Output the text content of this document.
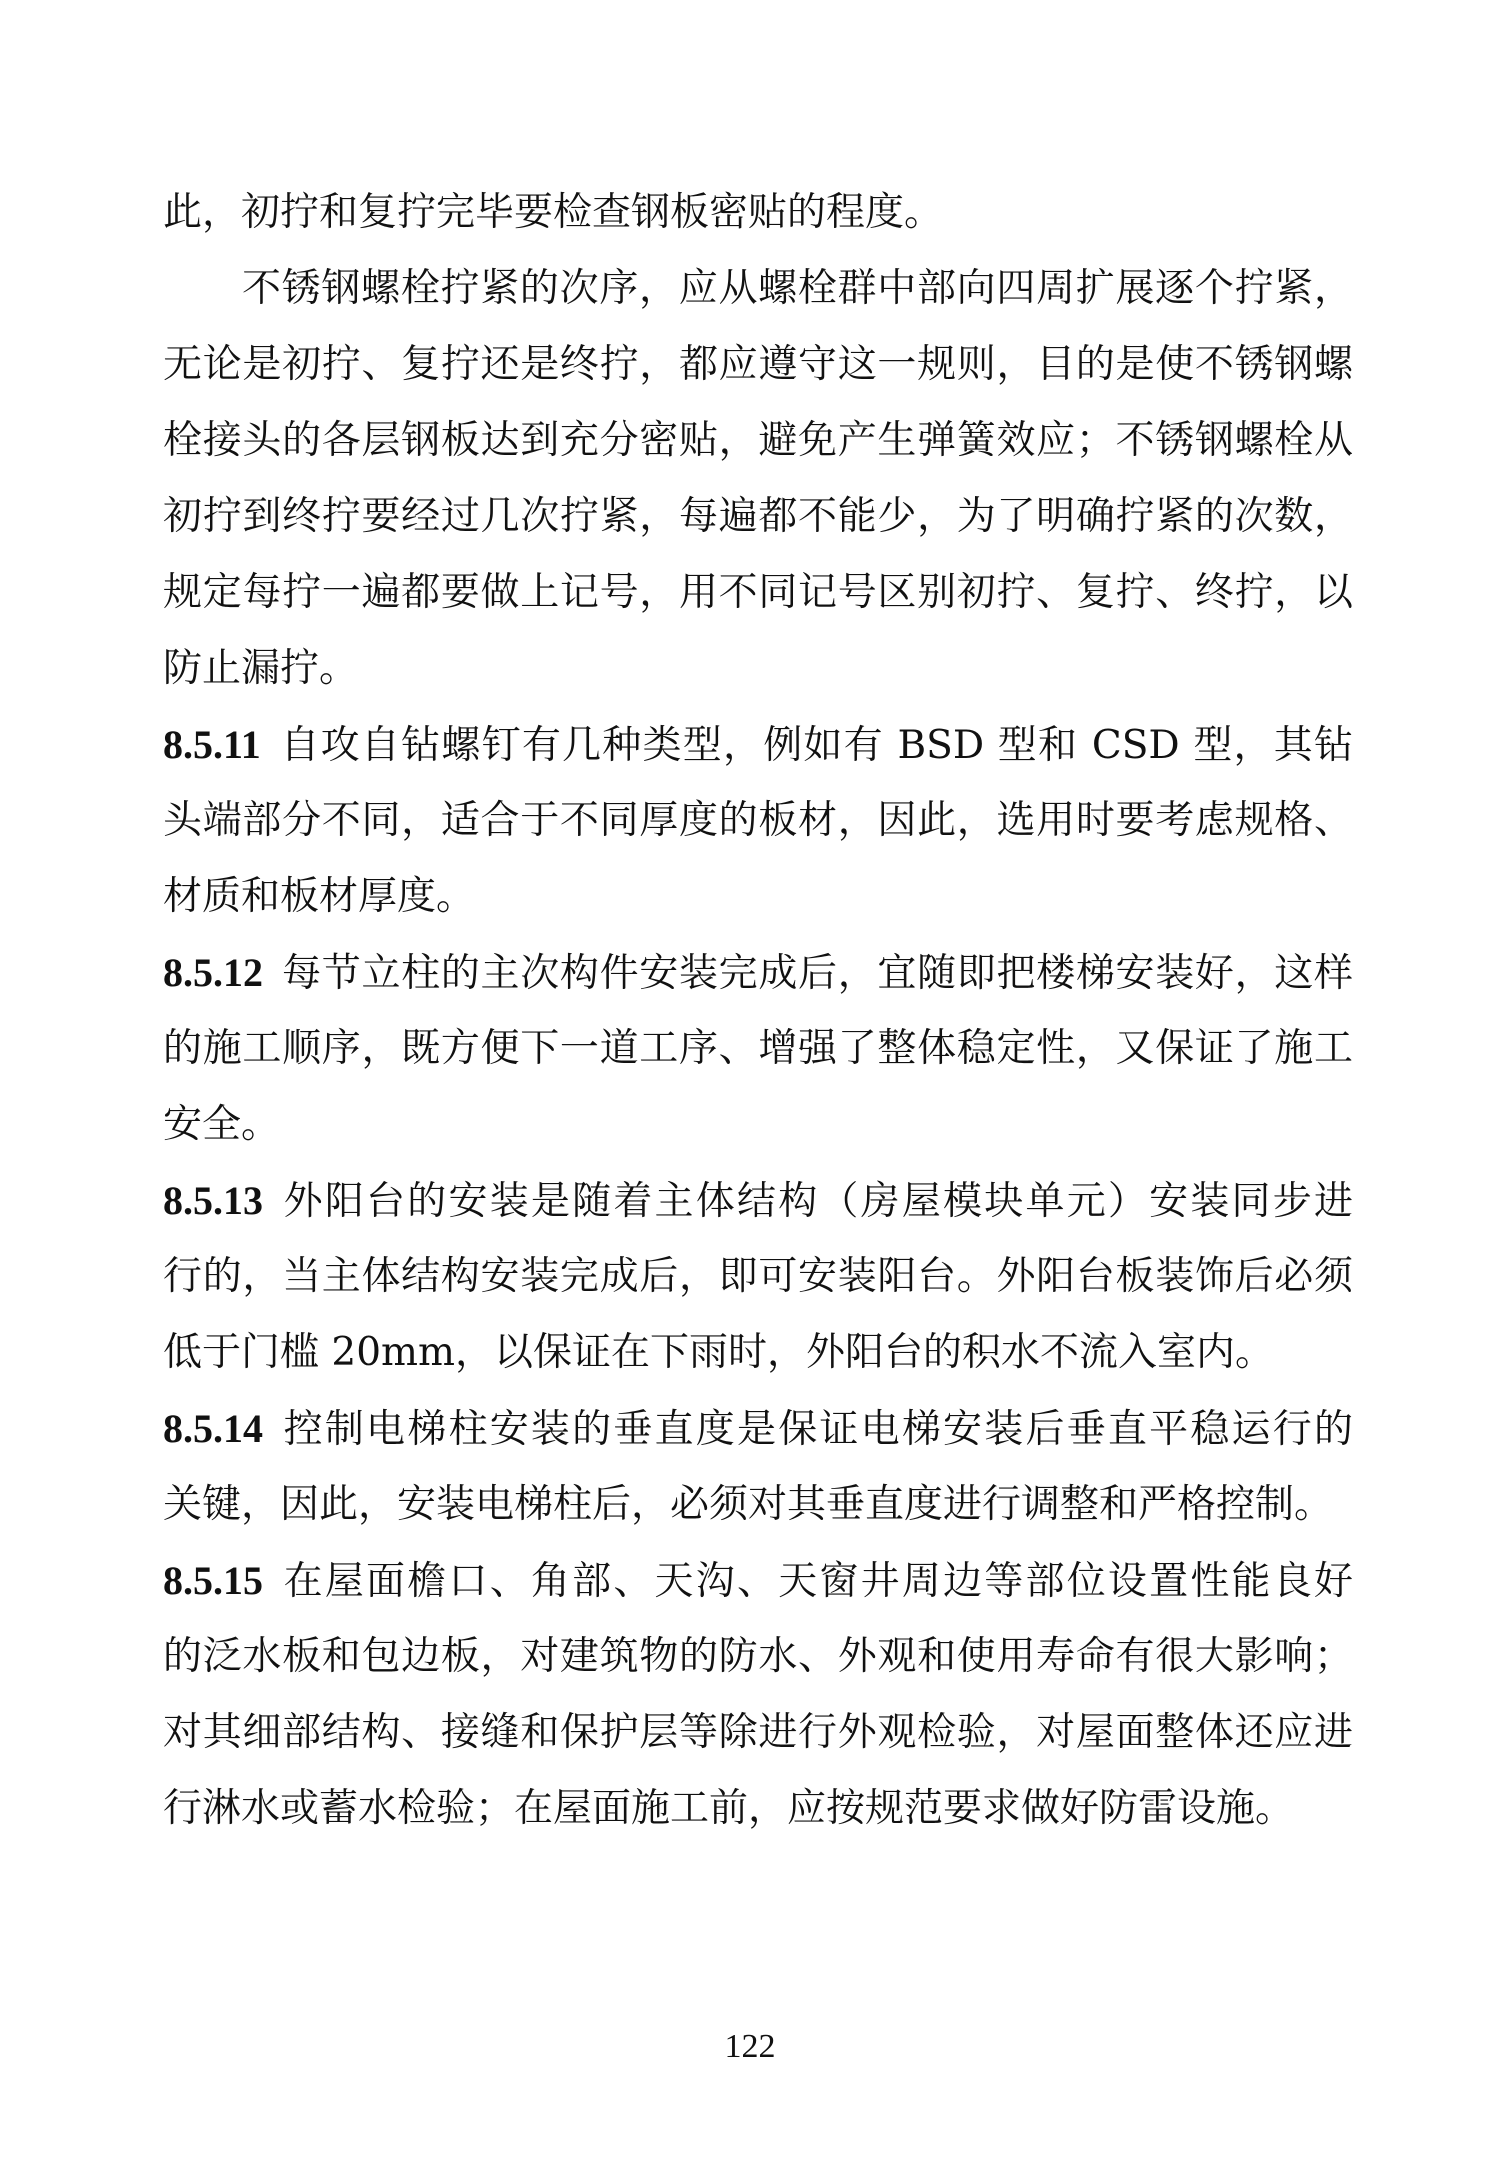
此，初拧和复拧完毕要检查钢板密贴的程度。
不锈钢螺栓拧紧的次序，应从螺栓群中部向四周扩展逐个拧紧，
无论是初拧、复拧还是终拧，都应遵守这一规则，目的是使不锈钢螺
栓接头的各层钢板达到充分密贴，避免产生弹簧效应；不锈钢螺栓从
初拧到终拧要经过几次拧紧，每遍都不能少，为了明确拧紧的次数，
规定每拧一遍都要做上记号，用不同记号区别初拧、复拧、终拧，以
防止漏拧。
8.5.11 自攻自钻螺钉有几种类型，例如有 BSD 型和 CSD 型，其钻
头端部分不同，适合于不同厚度的板材，因此，选用时要考虑规格、
材质和板材厚度。
8.5.12 每节立柱的主次构件安装完成后，宜随即把楼梯安装好，这样
的施工顺序，既方便下一道工序、增强了整体稳定性，又保证了施工
安全。
8.5.13 外阳台的安装是随着主体结构（房屋模块单元）安装同步进
行的，当主体结构安装完成后，即可安装阳台。外阳台板装饰后必须
低于门槛 20mm，以保证在下雨时，外阳台的积水不流入室内。
8.5.14 控制电梯柱安装的垂直度是保证电梯安装后垂直平稳运行的
关键，因此，安装电梯柱后，必须对其垂直度进行调整和严格控制。
8.5.15 在屋面檐口、角部、天沟、天窗井周边等部位设置性能良好
的泛水板和包边板，对建筑物的防水、外观和使用寿命有很大影响；
对其细部结构、接缝和保护层等除进行外观检验，对屋面整体还应进
行淋水或蓄水检验；在屋面施工前，应按规范要求做好防雷设施。
122
